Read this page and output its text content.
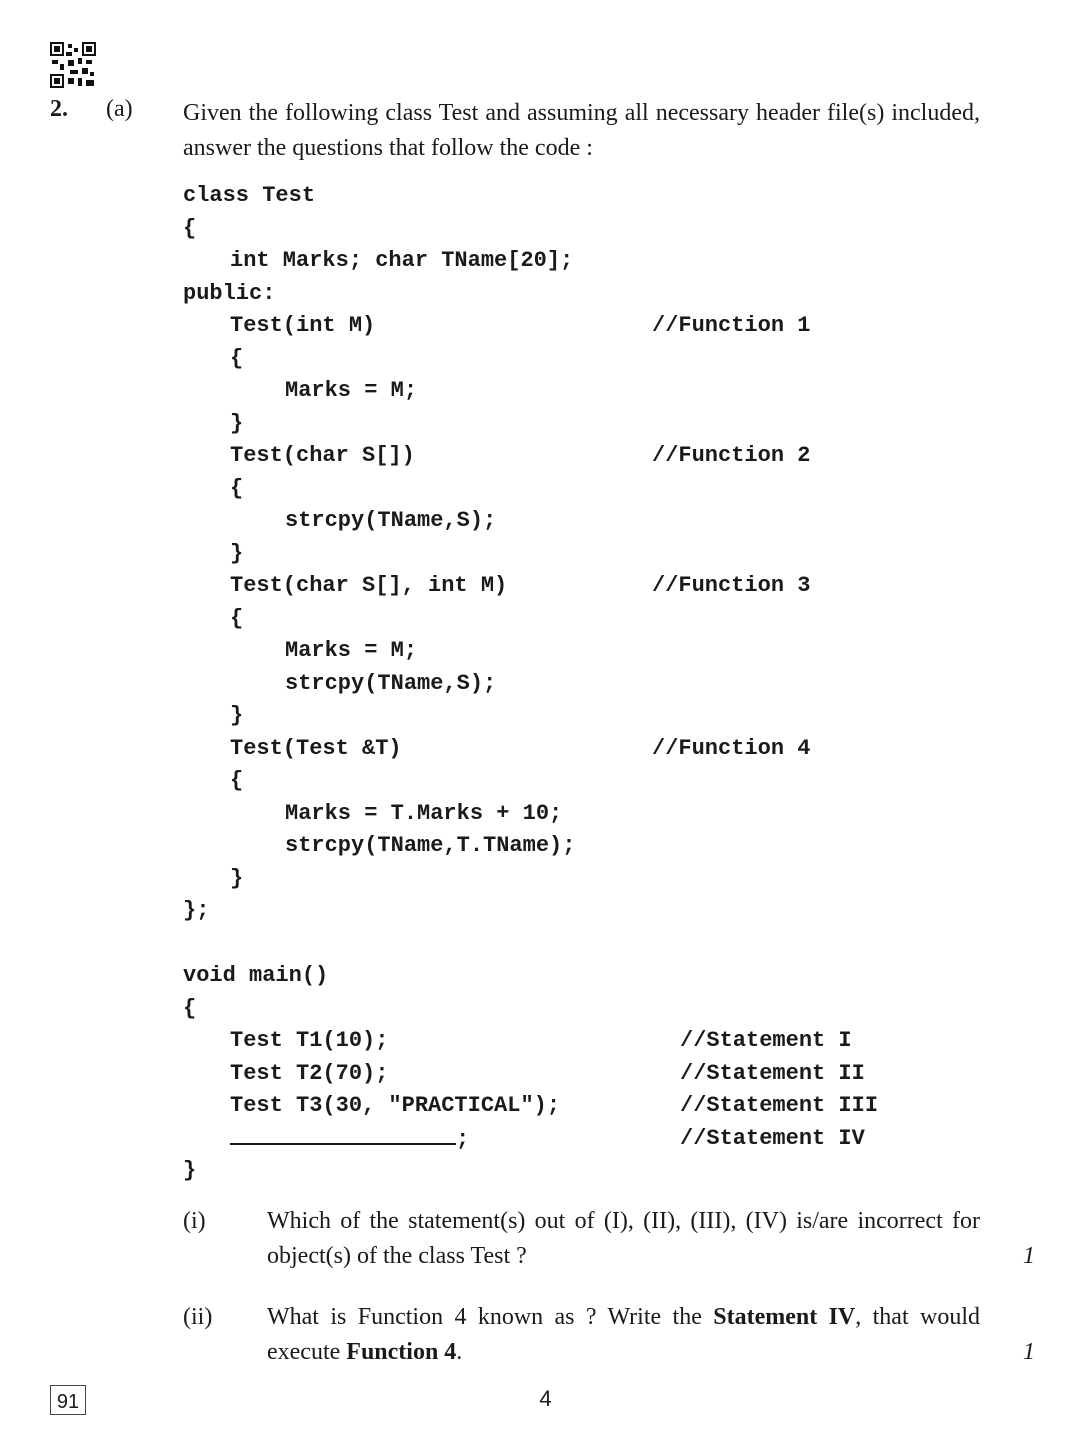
2. (a) Given the following class Test and assuming all necessary header file(s) included, answer the questions that follow the code :
class Test
{
int Marks; char TName[20];
public:
Test(int M)	//Function 1
{
Marks = M;
}
Test(char S[])	//Function 2
{
strcpy(TName,S);
}
Test(char S[], int M)	//Function 3
{
Marks = M;
strcpy(TName,S);
}
Test(Test &T)	//Function 4
{
Marks = T.Marks + 10;
strcpy(TName,T.TName);
}
};
void main()
{
Test T1(10);	//Statement I
Test T2(70);	//Statement II
Test T3(30, "PRACTICAL");	//Statement III
;	//Statement IV
}
(i)	Which of the statement(s) out of (I), (II), (III), (IV) is/are incorrect for object(s) of the class Test ?	1
(ii) What is Function 4 known as ? Write the Statement IV, that would execute Function 4.	1
91	4
